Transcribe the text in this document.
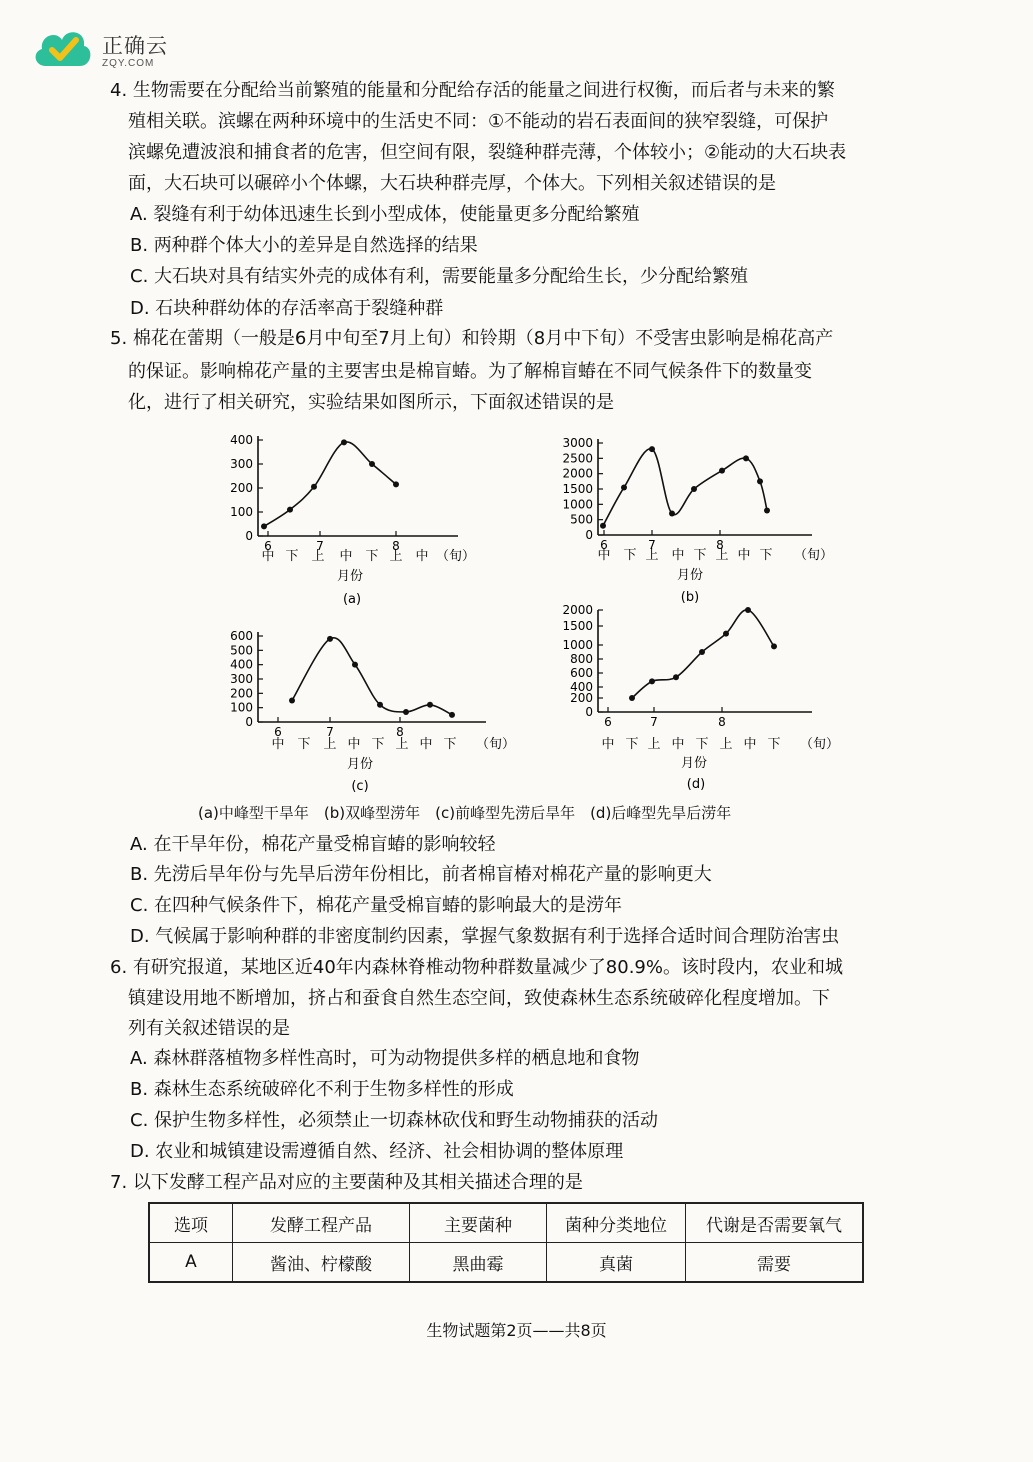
正确云
ZQY.COM
4. 生物需要在分配给当前繁殖的能量和分配给存活的能量之间进行权衡，而后者与未来的繁
殖相关联。滨螺在两种环境中的生活史不同：①不能动的岩石表面间的狭窄裂缝，可保护
滨螺免遭波浪和捕食者的危害，但空间有限，裂缝种群壳薄，个体较小；②能动的大石块表
面，大石块可以碾碎小个体螺，大石块种群壳厚，个体大。下列相关叙述错误的是
A. 裂缝有利于幼体迅速生长到小型成体，使能量更多分配给繁殖
B. 两种群个体大小的差异是自然选择的结果
C. 大石块对具有结实外壳的成体有利，需要能量多分配给生长，少分配给繁殖
D. 石块种群幼体的存活率高于裂缝种群
5. 棉花在蕾期（一般是6月中旬至7月上旬）和铃期（8月中下旬）不受害虫影响是棉花高产
的保证。影响棉花产量的主要害虫是棉盲蝽。为了解棉盲蝽在不同气候条件下的数量变
化，进行了相关研究，实验结果如图所示，下面叙述错误的是
0
100
200
300
400
6	7	8
中 下 上 中 下 上 中 （旬）
月份
(a)
0
500
1000
1500
2000
2500
3000
6	7	8
中 下 上 中 下 上 中 下 （旬）
月份
(b)
0
100
200
300
400
500
600
6	7	8
中 下 上 中 下 上 中 下 （旬）
月份
(c)
0
200
400
600
800
1000
1500
2000
6	7	8
中 下 上 中 下 上 中 下 （旬）
月份
(d)
(a)中峰型干旱年　(b)双峰型涝年　(c)前峰型先涝后旱年　(d)后峰型先旱后涝年
A. 在干旱年份，棉花产量受棉盲蝽的影响较轻
B. 先涝后旱年份与先旱后涝年份相比，前者棉盲椿对棉花产量的影响更大
C. 在四种气候条件下，棉花产量受棉盲蝽的影响最大的是涝年
D. 气候属于影响种群的非密度制约因素，掌握气象数据有利于选择合适时间合理防治害虫
6. 有研究报道，某地区近40年内森林脊椎动物种群数量减少了80.9%。该时段内，农业和城
镇建设用地不断增加，挤占和蚕食自然生态空间，致使森林生态系统破碎化程度增加。下
列有关叙述错误的是
A. 森林群落植物多样性高时，可为动物提供多样的栖息地和食物
B. 森林生态系统破碎化不利于生物多样性的形成
C. 保护生物多样性，必须禁止一切森林砍伐和野生动物捕获的活动
D. 农业和城镇建设需遵循自然、经济、社会相协调的整体原理
7. 以下发酵工程产品对应的主要菌种及其相关描述合理的是
选项	发酵工程产品	主要菌种	菌种分类地位	代谢是否需要氧气
A	酱油、柠檬酸	黑曲霉	真菌	需要
生物试题第2页——共8页
